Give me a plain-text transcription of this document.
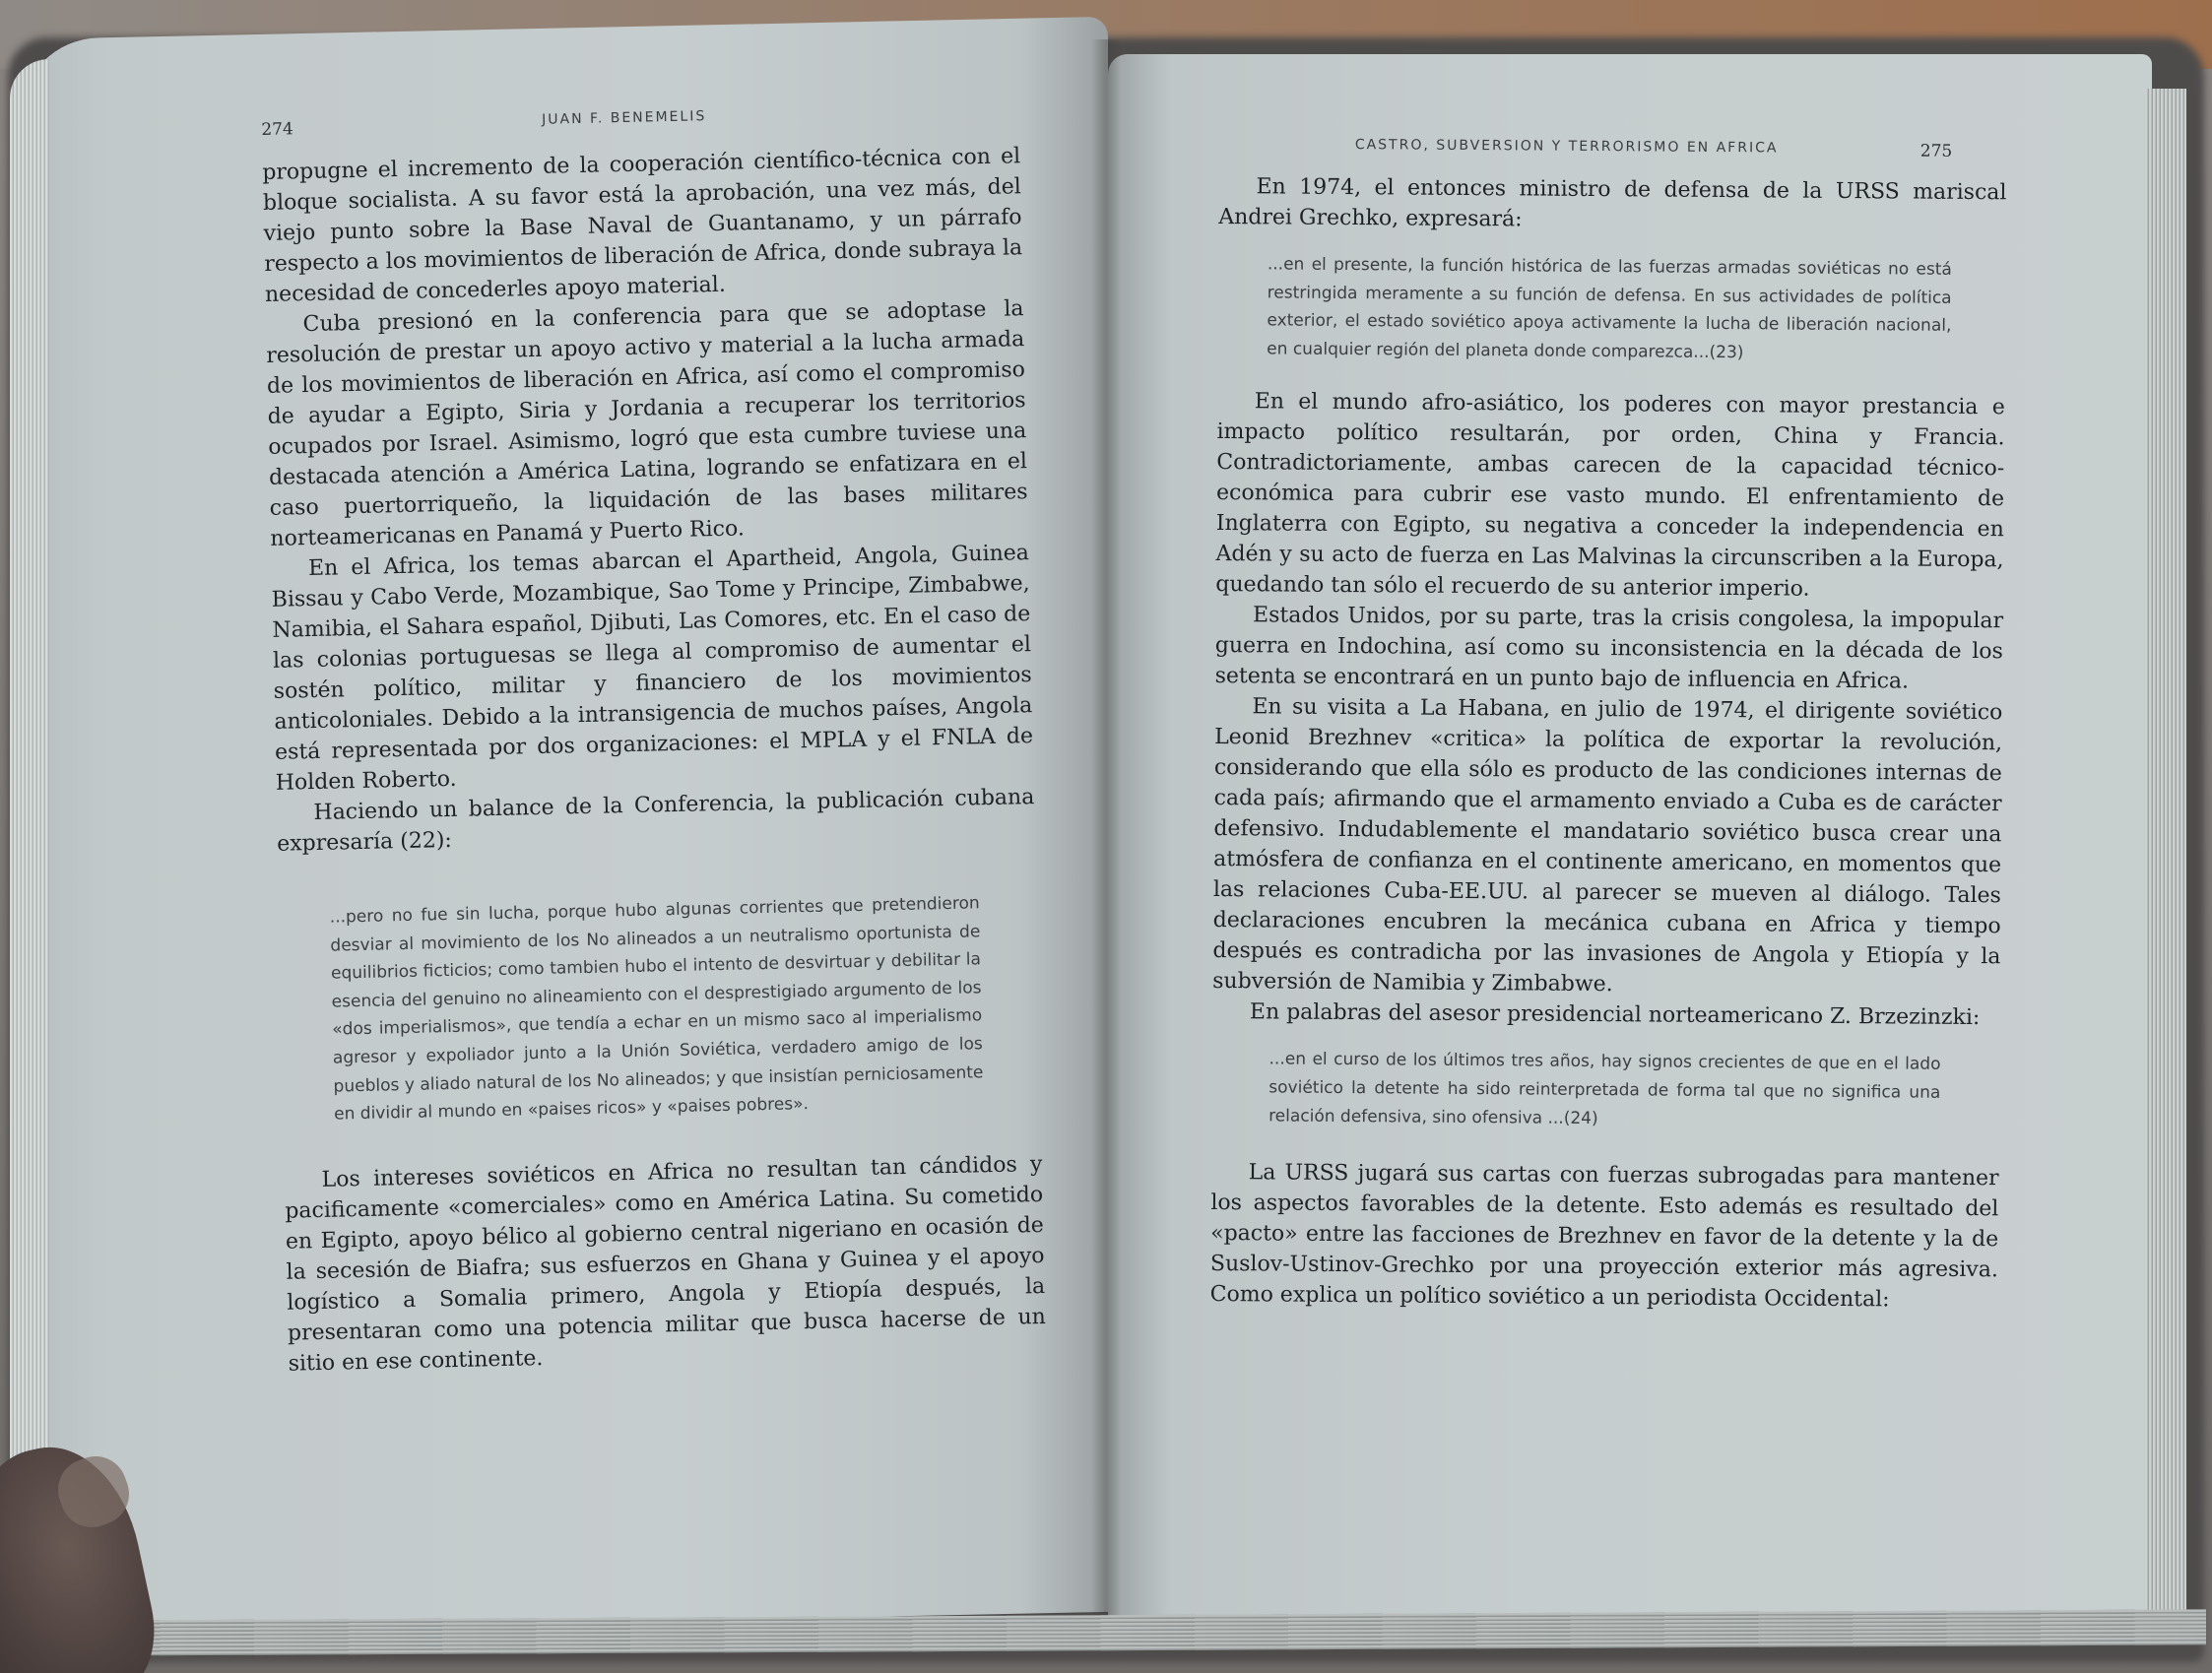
274
JUAN F. BENEMELIS

propugne el incremento de la cooperación científico-técnica con el bloque socialista. A su favor está la aprobación, una vez más, del viejo punto sobre la Base Naval de Guantanamo, y un párrafo respecto a los movimientos de liberación de Africa, donde subraya la necesidad de concederles apoyo material.

Cuba presionó en la conferencia para que se adoptase la resolución de prestar un apoyo activo y material a la lucha armada de los movimientos de liberación en Africa, así como el compromiso de ayudar a Egipto, Siria y Jordania a recuperar los territorios ocupados por Israel. Asimismo, logró que esta cumbre tuviese una destacada atención a América Latina, logrando se enfatizara en el caso puertorriqueño, la liquidación de las bases militares norteamericanas en Panamá y Puerto Rico.

En el Africa, los temas abarcan el Apartheid, Angola, Guinea Bissau y Cabo Verde, Mozambique, Sao Tome y Principe, Zimbabwe, Namibia, el Sahara español, Djibuti, Las Comores, etc. En el caso de las colonias portuguesas se llega al compromiso de aumentar el sostén político, militar y financiero de los movimientos anticoloniales. Debido a la intransigencia de muchos países, Angola está representada por dos organizaciones: el MPLA y el FNLA de Holden Roberto.

Haciendo un balance de la Conferencia, la publicación cubana expresaría (22):

...pero no fue sin lucha, porque hubo algunas corrientes que pretendieron desviar al movimiento de los No alineados a un neutralismo oportunista de equilibrios ficticios; como tambien hubo el intento de desvirtuar y debilitar la esencia del genuino no alineamiento con el desprestigiado argumento de los «dos imperialismos», que tendía a echar en un mismo saco al imperialismo agresor y expoliador junto a la Unión Soviética, verdadero amigo de los pueblos y aliado natural de los No alineados; y que insistían perniciosamente en dividir al mundo en «paises ricos» y «paises pobres».

Los intereses soviéticos en Africa no resultan tan cándidos y pacificamente «comerciales» como en América Latina. Su cometido en Egipto, apoyo bélico al gobierno central nigeriano en ocasión de la secesión de Biafra; sus esfuerzos en Ghana y Guinea y el apoyo logístico a Somalia primero, Angola y Etiopía después, la presentaran como una potencia militar que busca hacerse de un sitio en ese continente.

CASTRO, SUBVERSION Y TERRORISMO EN AFRICA	275

En 1974, el entonces ministro de defensa de la URSS mariscal Andrei Grechko, expresará:

...en el presente, la función histórica de las fuerzas armadas soviéticas no está restringida meramente a su función de defensa. En sus actividades de política exterior, el estado soviético apoya activamente la lucha de liberación nacional, en cualquier región del planeta donde comparezca...(23)

En el mundo afro-asiático, los poderes con mayor prestancia e impacto político resultarán, por orden, China y Francia. Contradictoriamente, ambas carecen de la capacidad técnico-económica para cubrir ese vasto mundo. El enfrentamiento de Inglaterra con Egipto, su negativa a conceder la independencia en Adén y su acto de fuerza en Las Malvinas la circunscriben a la Europa, quedando tan sólo el recuerdo de su anterior imperio.

Estados Unidos, por su parte, tras la crisis congolesa, la impopular guerra en Indochina, así como su inconsistencia en la década de los setenta se encontrará en un punto bajo de influencia en Africa.

En su visita a La Habana, en julio de 1974, el dirigente soviético Leonid Brezhnev «critica» la política de exportar la revolución, considerando que ella sólo es producto de las condiciones internas de cada país; afirmando que el armamento enviado a Cuba es de carácter defensivo. Indudablemente el mandatario soviético busca crear una atmósfera de confianza en el continente americano, en momentos que las relaciones Cuba-EE.UU. al parecer se mueven al diálogo. Tales declaraciones encubren la mecánica cubana en Africa y tiempo después es contradicha por las invasiones de Angola y Etiopía y la subversión de Namibia y Zimbabwe.

En palabras del asesor presidencial norteamericano Z. Brzezinzki:

...en el curso de los últimos tres años, hay signos crecientes de que en el lado soviético la detente ha sido reinterpretada de forma tal que no significa una relación defensiva, sino ofensiva ...(24)

La URSS jugará sus cartas con fuerzas subrogadas para mantener los aspectos favorables de la detente. Esto además es resultado del «pacto» entre las facciones de Brezhnev en favor de la detente y la de Suslov-Ustinov-Grechko por una proyección exterior más agresiva. Como explica un político soviético a un periodista Occidental:
